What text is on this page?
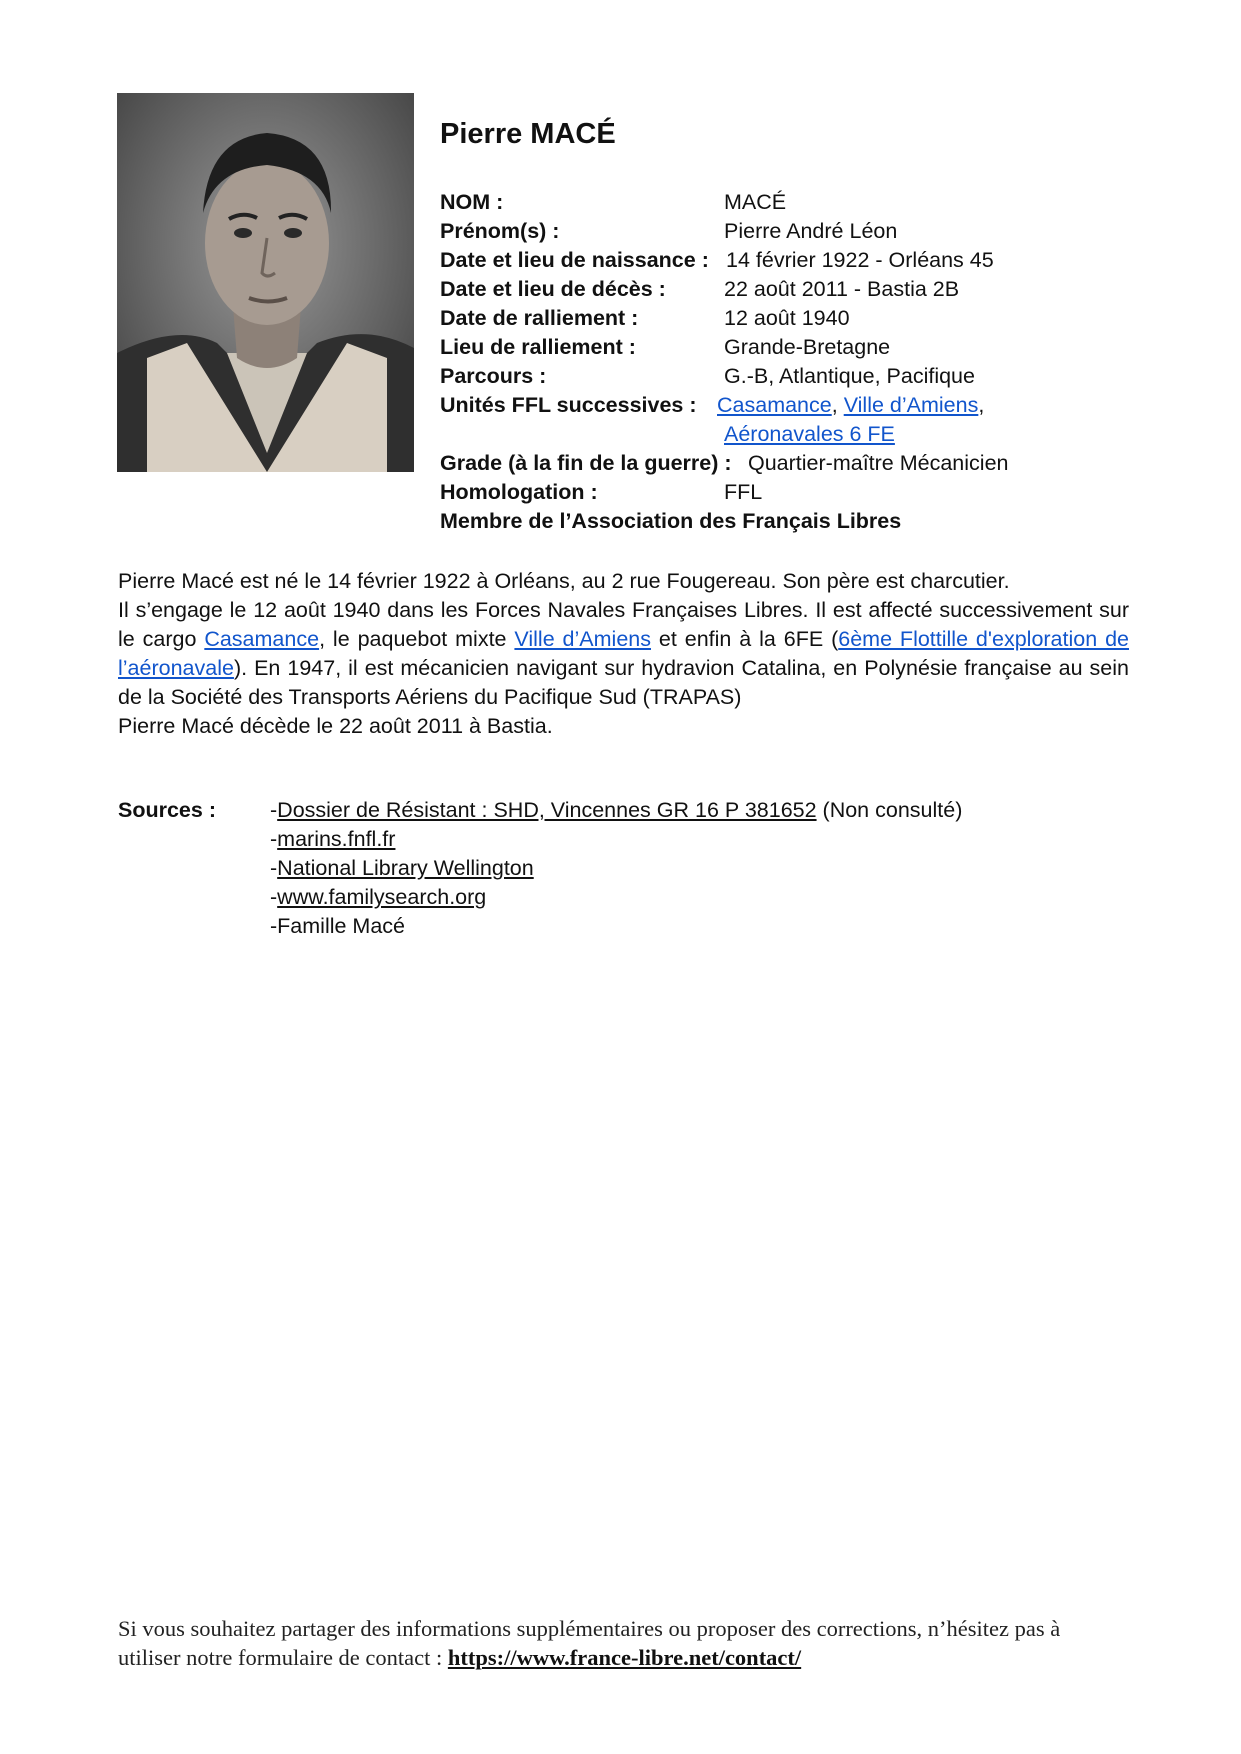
Pierre MACÉ
NOM :	MACÉ
Prénom(s) :	Pierre André Léon
Date et lieu de naissance : 14 février 1922 - Orléans 45
Date et lieu de décès :	22 août 2011 - Bastia 2B
Date de ralliement :	12 août 1940
Lieu de ralliement :	Grande-Bretagne
Parcours :	G.-B, Atlantique, Pacifique
Unités FFL successives : Casamance, Ville d’Amiens,
Aéronavales 6 FE
Grade (à la fin de la guerre) : Quartier-maître Mécanicien
Homologation :	FFL
Membre de l’Association des Français Libres

Pierre Macé est né le 14 février 1922 à Orléans, au 2 rue Fougereau. Son père est charcutier.

Il s’engage le 12 août 1940 dans les Forces Navales Françaises Libres. Il est affecté successivement sur le cargo Casamance, le paquebot mixte Ville d’Amiens et enfin à la 6FE (6ème Flottille d'exploration de l’aéronavale). En 1947, il est mécanicien navigant sur hydravion Catalina, en Polynésie française au sein de la Société des Transports Aériens du Pacifique Sud (TRAPAS)

Pierre Macé décède le 22 août 2011 à Bastia.

Sources :	-Dossier de Résistant : SHD, Vincennes GR 16 P 381652 (Non consulté)
-marins.fnfl.fr
-National Library Wellington
-www.familysearch.org
-Famille Macé
Si vous souhaitez partager des informations supplémentaires ou proposer des corrections, n’hésitez pas à utiliser notre formulaire de contact : https://www.france-libre.net/contact/
